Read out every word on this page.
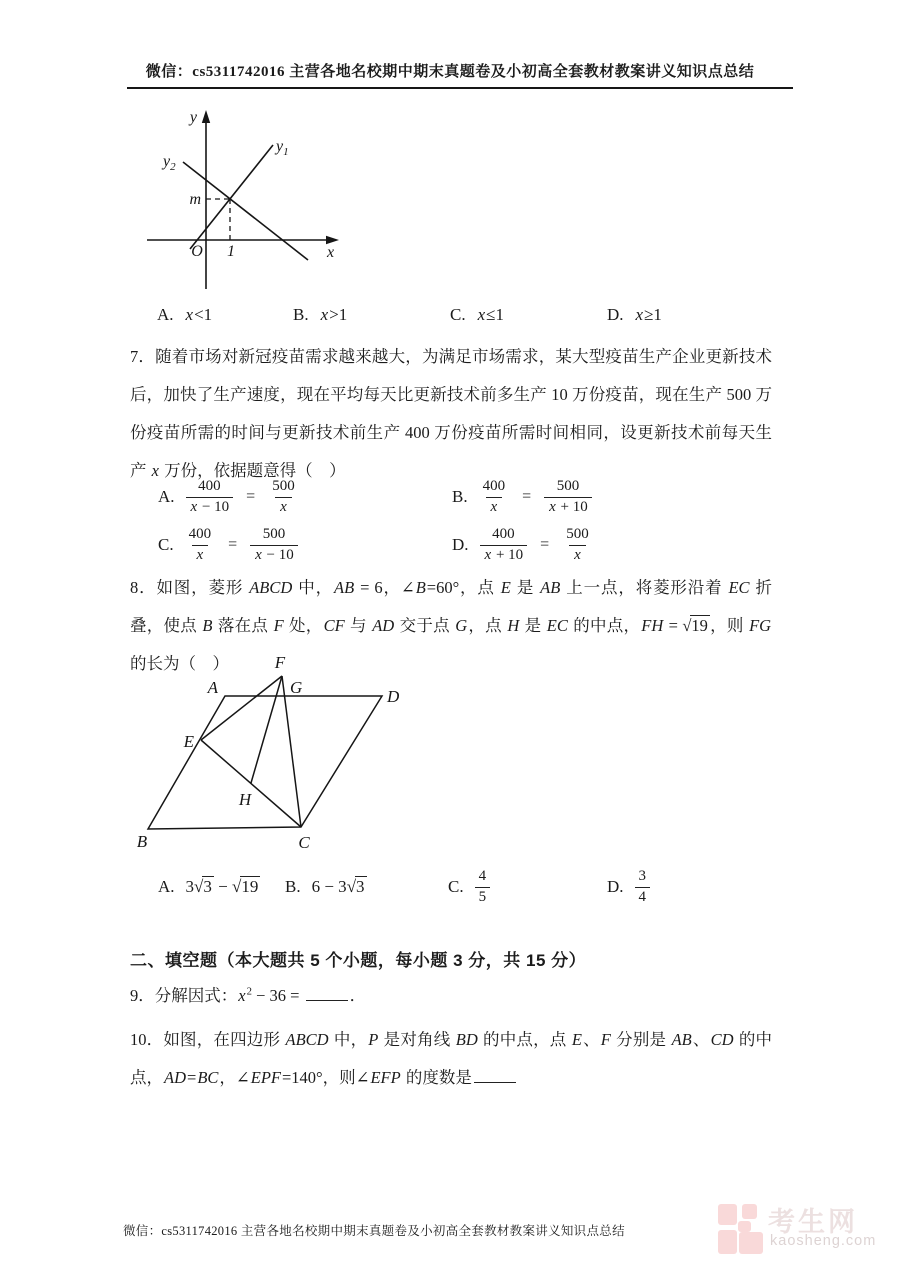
微信：cs5311742016 主营各地名校期中期末真题卷及小初高全套教材教案讲义知识点总结
y
x
O
m
1
$y_1$
$y_2$
A. x<1	B. x>1	C. x≤1	D. x≥1
7．随着市场对新冠疫苗需求越来越大，为满足市场需求，某大型疫苗生产企业更新技术后，加快了生产速度，现在平均每天比更新技术前多生产 10 万份疫苗，现在生产 500 万份疫苗所需的时间与更新技术前生产 400 万份疫苗所需时间相同，设更新技术前每天生产 x 万份，依据题意得（　）
A. $\frac{400}{x - 10} = \frac{500}{x}$	B. $\frac{400}{x} = \frac{500}{x + 10}$
C. $\frac{400}{x} = \frac{500}{x - 10}$	D. $\frac{400}{x + 10} = \frac{500}{x}$
8．如图，菱形 ABCD 中，AB = 6，∠B=60°，点 E 是 AB 上一点，将菱形沿着 EC 折叠，使点 B 落在点 F 处，CF 与 AD 交于点 G，点 H 是 EC 的中点，FH = √19 ，则 FG 的长为（　）
A	D
B	C
E
F
G
H
A. 3√3 − √19 B. 6 − 3√3	C. $\frac{4}{5}$	D. $\frac{3}{4}$
二、填空题（本大题共 5 个小题，每小题 3 分，共 15 分）
9．分解因式：$x^2 - 36$ =	．
10．如图，在四边形 ABCD 中，P 是对角线 BD 的中点，点 E、F 分别是 AB、CD 的中点，AD=BC，∠EPF=140°，则∠EFP 的度数是
微信：cs5311742016 主营各地名校期中期末真题卷及小初高全套教材教案讲义知识点总结	考生网
kaosheng.com
